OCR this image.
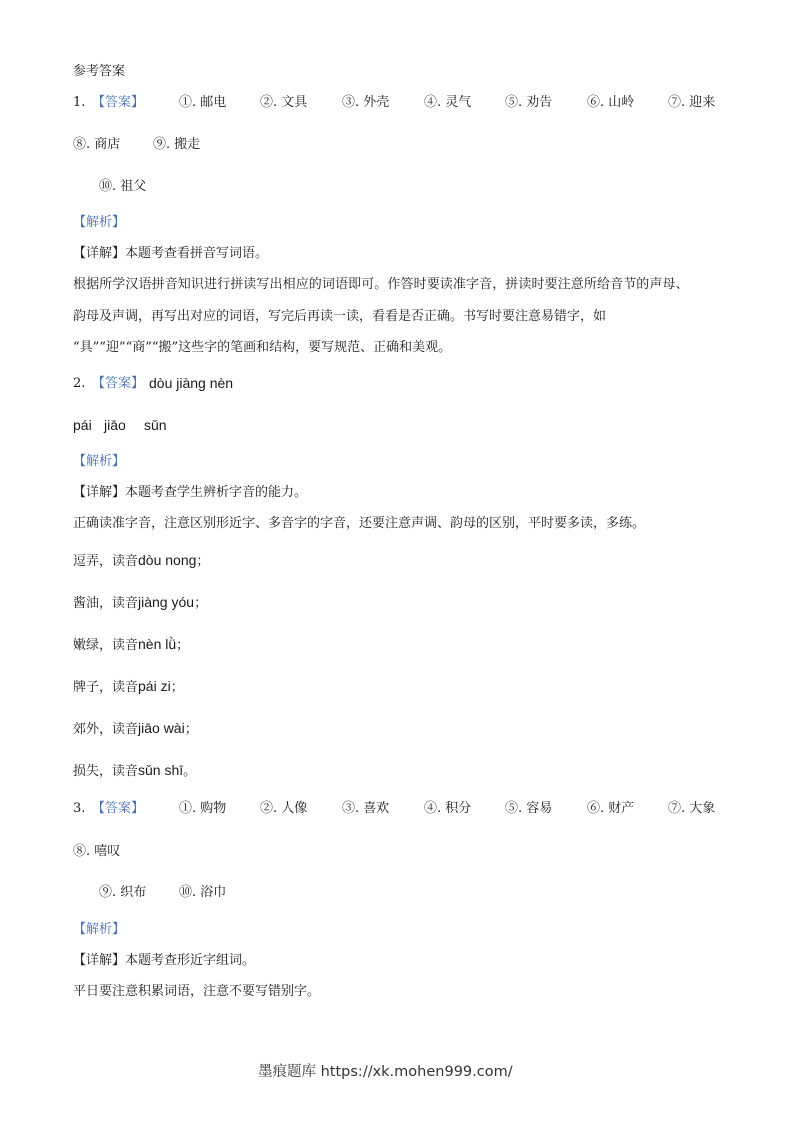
参考答案
1. 【答案】	①. 邮电	②. 文具	③. 外壳	④. 灵气	⑤. 劝告	⑥. 山岭	⑦. 迎来
⑧. 商店	⑨. 搬走
⑩. 祖父
【解析】
【详解】本题考查看拼音写词语。
根据所学汉语拼音知识进行拼读写出相应的词语即可。作答时要读准字音，拼读时要注意所给音节的声母、
韵母及声调，再写出对应的词语，写完后再读一读，看看是否正确。书写时要注意易错字，如
“具”“迎”“商”“搬”这些字的笔画和结构，要写规范、正确和美观。
2. 【答案】 dòu jiàng nèn
pái jiāo sǔn
【解析】
【详解】本题考查学生辨析字音的能力。
正确读准字音，注意区别形近字、多音字的字音，还要注意声调、韵母的区别，平时要多读，多练。
逗弄，读音dòu nong；
酱油，读音jiàng yóu；
嫩绿，读音nèn lǜ；
牌子，读音pái zi；
郊外，读音jiāo wài；
损失，读音sǔn shī。
3. 【答案】	①. 购物	②. 人像	③. 喜欢	④. 积分	⑤. 容易	⑥. 财产	⑦. 大象
⑧. 嘻叹
⑨. 织布	⑩. 浴巾
【解析】
【详解】本题考查形近字组词。
平日要注意积累词语，注意不要写错别字。
墨痕题库 https://xk.mohen999.com/
